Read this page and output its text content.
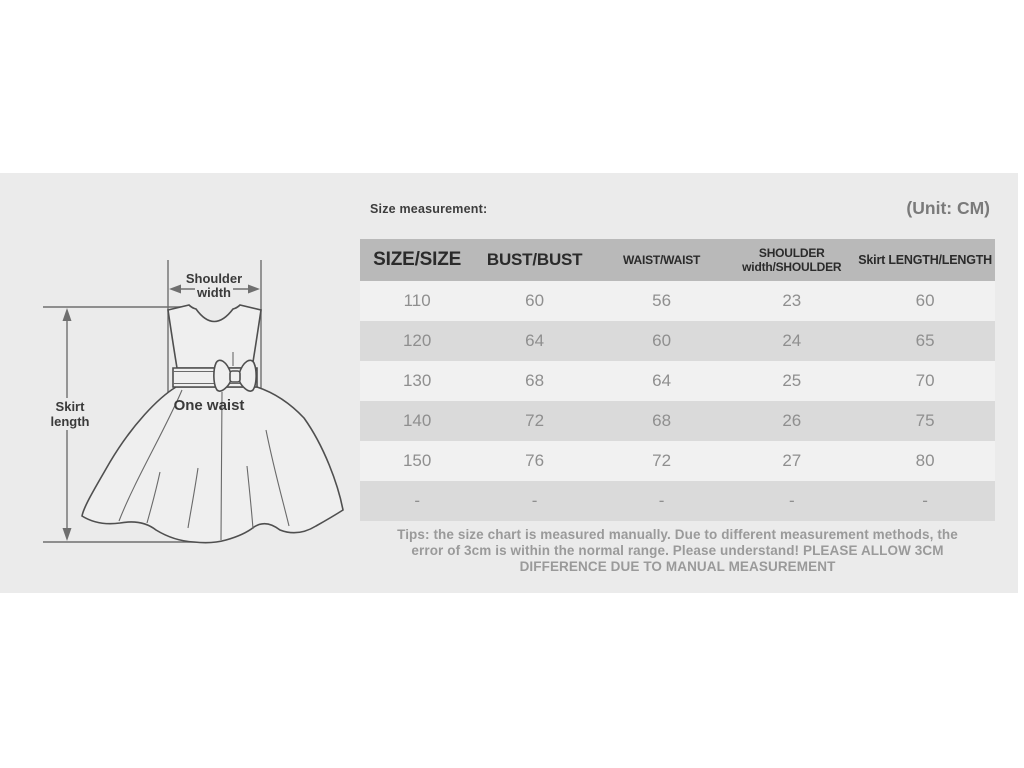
Size measurement:	(Unit: CM)
Shoulder
width
Skirt
length
One waist
SIZE/SIZE	BUST/BUST	WAIST/WAIST	SHOULDER width/SHOULDER	Skirt LENGTH/LENGTH
110	60	56	23	60
120	64	60	24	65
130	68	64	25	70
140	72	68	26	75
150	76	72	27	80
-	-	-	-	-
Tips: the size chart is measured manually. Due to different measurement methods, the
error of 3cm is within the normal range. Please understand! PLEASE ALLOW 3CM
DIFFERENCE DUE TO MANUAL MEASUREMENT
